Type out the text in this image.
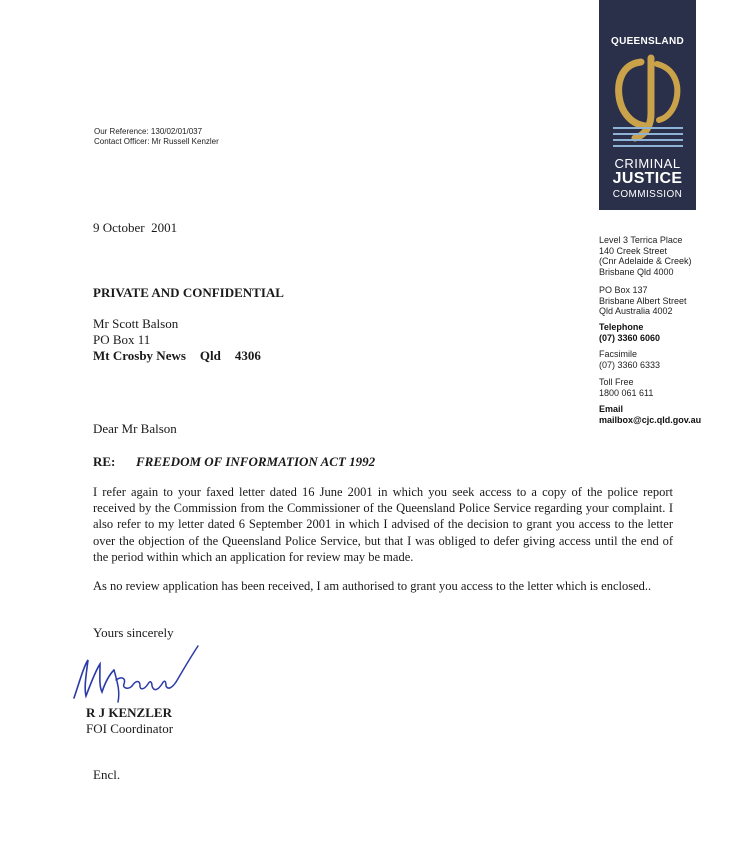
QUEENSLAND
CRIMINAL
JUSTICE
COMMISSION
Our Reference: 130/02/01/037
Contact Officer: Mr Russell Kenzler
Level 3 Terrica Place
140 Creek Street
(Cnr Adelaide & Creek)
Brisbane Qld 4000
PO Box 137
Brisbane Albert Street
Qld Australia 4002
Telephone
(07) 3360 6060
Facsimile
(07) 3360 6333
Toll Free
1800 061 611
Email
mailbox@cjc.qld.gov.au
9 October  2001
PRIVATE AND CONFIDENTIAL
Mr Scott Balson
PO Box 11
Mt Crosby News Qld 4306
Dear Mr Balson
RE: FREEDOM OF INFORMATION ACT 1992
I refer again to your faxed letter dated 16 June 2001 in which you seek access to a copy of the police report received by the Commission from the Commissioner of the Queensland Police Service regarding your complaint. I also refer to my letter dated 6 September 2001 in which I advised of the decision to grant you access to the letter over the objection of the Queensland Police Service, but that I was obliged to defer giving access until the end of the period within which an application for review may be made.
As no review application has been received, I am authorised to grant you access to the letter which is enclosed..
Yours sincerely
R J KENZLER
FOI Coordinator
Encl.
